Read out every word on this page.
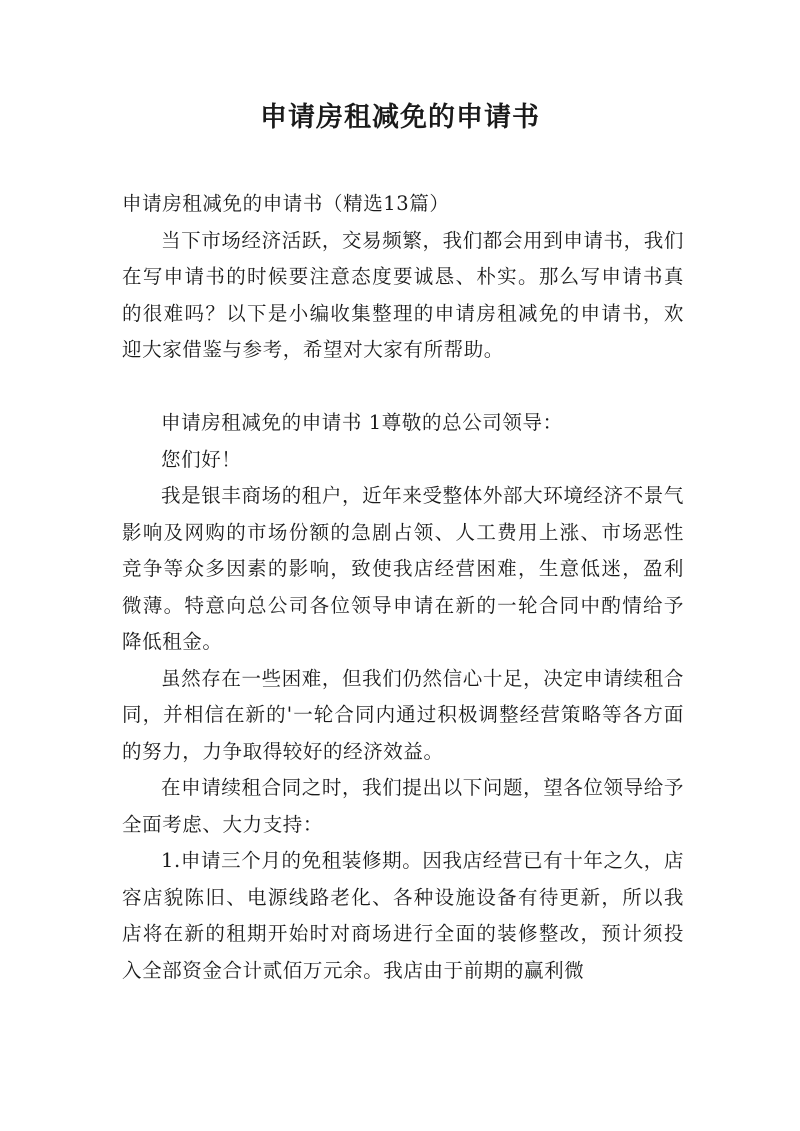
申请房租减免的申请书

申请房租减免的申请书（精选13篇）

当下市场经济活跃，交易频繁，我们都会用到申请书，我们在写申请书的时候要注意态度要诚恳、朴实。那么写申请书真的很难吗？以下是小编收集整理的申请房租减免的申请书，欢迎大家借鉴与参考，希望对大家有所帮助。

申请房租减免的申请书 1尊敬的总公司领导：

您们好！

我是银丰商场的租户，近年来受整体外部大环境经济不景气影响及网购的市场份额的急剧占领、人工费用上涨、市场恶性竞争等众多因素的影响，致使我店经营困难，生意低迷，盈利微薄。特意向总公司各位领导申请在新的一轮合同中酌情给予降低租金。

虽然存在一些困难，但我们仍然信心十足，决定申请续租合同，并相信在新的'一轮合同内通过积极调整经营策略等各方面的努力，力争取得较好的经济效益。

在申请续租合同之时，我们提出以下问题，望各位领导给予全面考虑、大力支持：

1.申请三个月的免租装修期。因我店经营已有十年之久，店容店貌陈旧、电源线路老化、各种设施设备有待更新，所以我店将在新的租期开始时对商场进行全面的装修整改，预计须投入全部资金合计贰佰万元余。我店由于前期的赢利微
